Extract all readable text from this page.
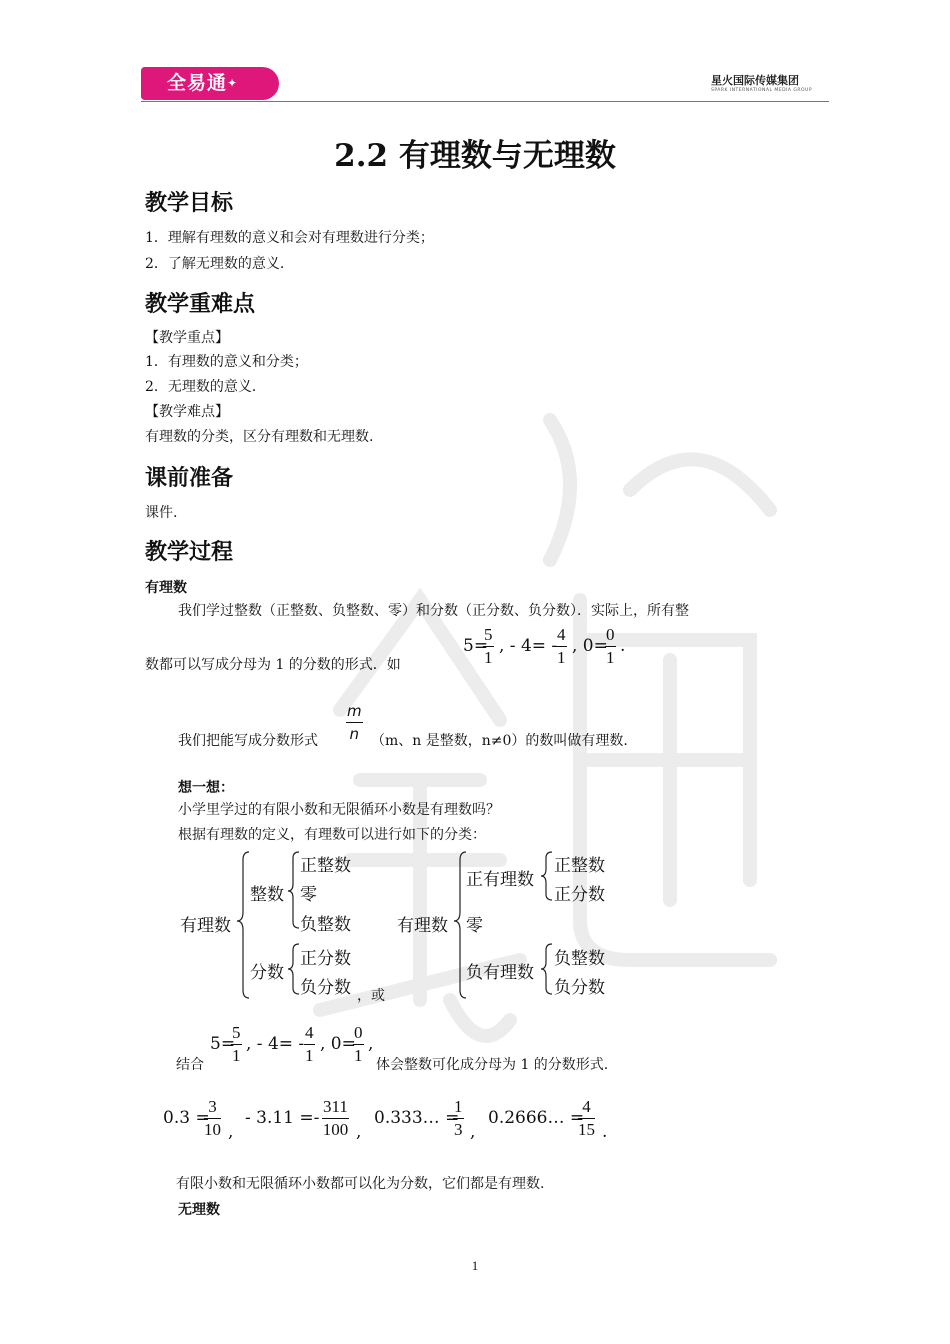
全易通✦	星火国际传媒集团
SPARK INTERNATIONAL MEDIA GROUP
2.2 有理数与无理数
教学目标
1．理解有理数的意义和会对有理数进行分类；
2．了解无理数的意义.
教学重难点
【教学重点】
1．有理数的意义和分类；
2．无理数的意义．
【教学难点】
有理数的分类，区分有理数和无理数.
课前准备
课件.
教学过程
有理数
我们学过整数（正整数、负整数、零）和分数（正分数、负分数）．实际上，所有整
数都可以写成分母为 1 的分数的形式．如
5=
$\frac{5}{1}$ , - 4= -
$\frac{4}{1}$ , 0=
$\frac{0}{1}$ .
我们把能写成分数形式 $\frac{m}{n} (m$、n 是整数，n≠0）的数叫做有理数.
想一想：
小学里学过的有限小数和无限循环小数是有理数吗？
根据有理数的定义，有理数可以进行如下的分类：
有理数
整数
正整数
零
负整数
分数
正分数
负分数 ，或
有理数
正有理数
正整数
正分数
零
负有理数
负整数
负分数
结合
5=
$\frac{5}{1}$ , - $4= - \frac{4}{1}$ , 0=
$\frac{0}{1}$ ,
体会整数可化成分母为 1 的分数形式.
0.3 =
$\frac{3}{10}$ ,
- $3.11 =- \frac{311}{100}$ ,
0.333… =
$\frac{1}{3}$ ,
0.2666… =
$\frac{4}{15}$ .
有限小数和无限循环小数都可以化为分数，它们都是有理数.
无理数
1
